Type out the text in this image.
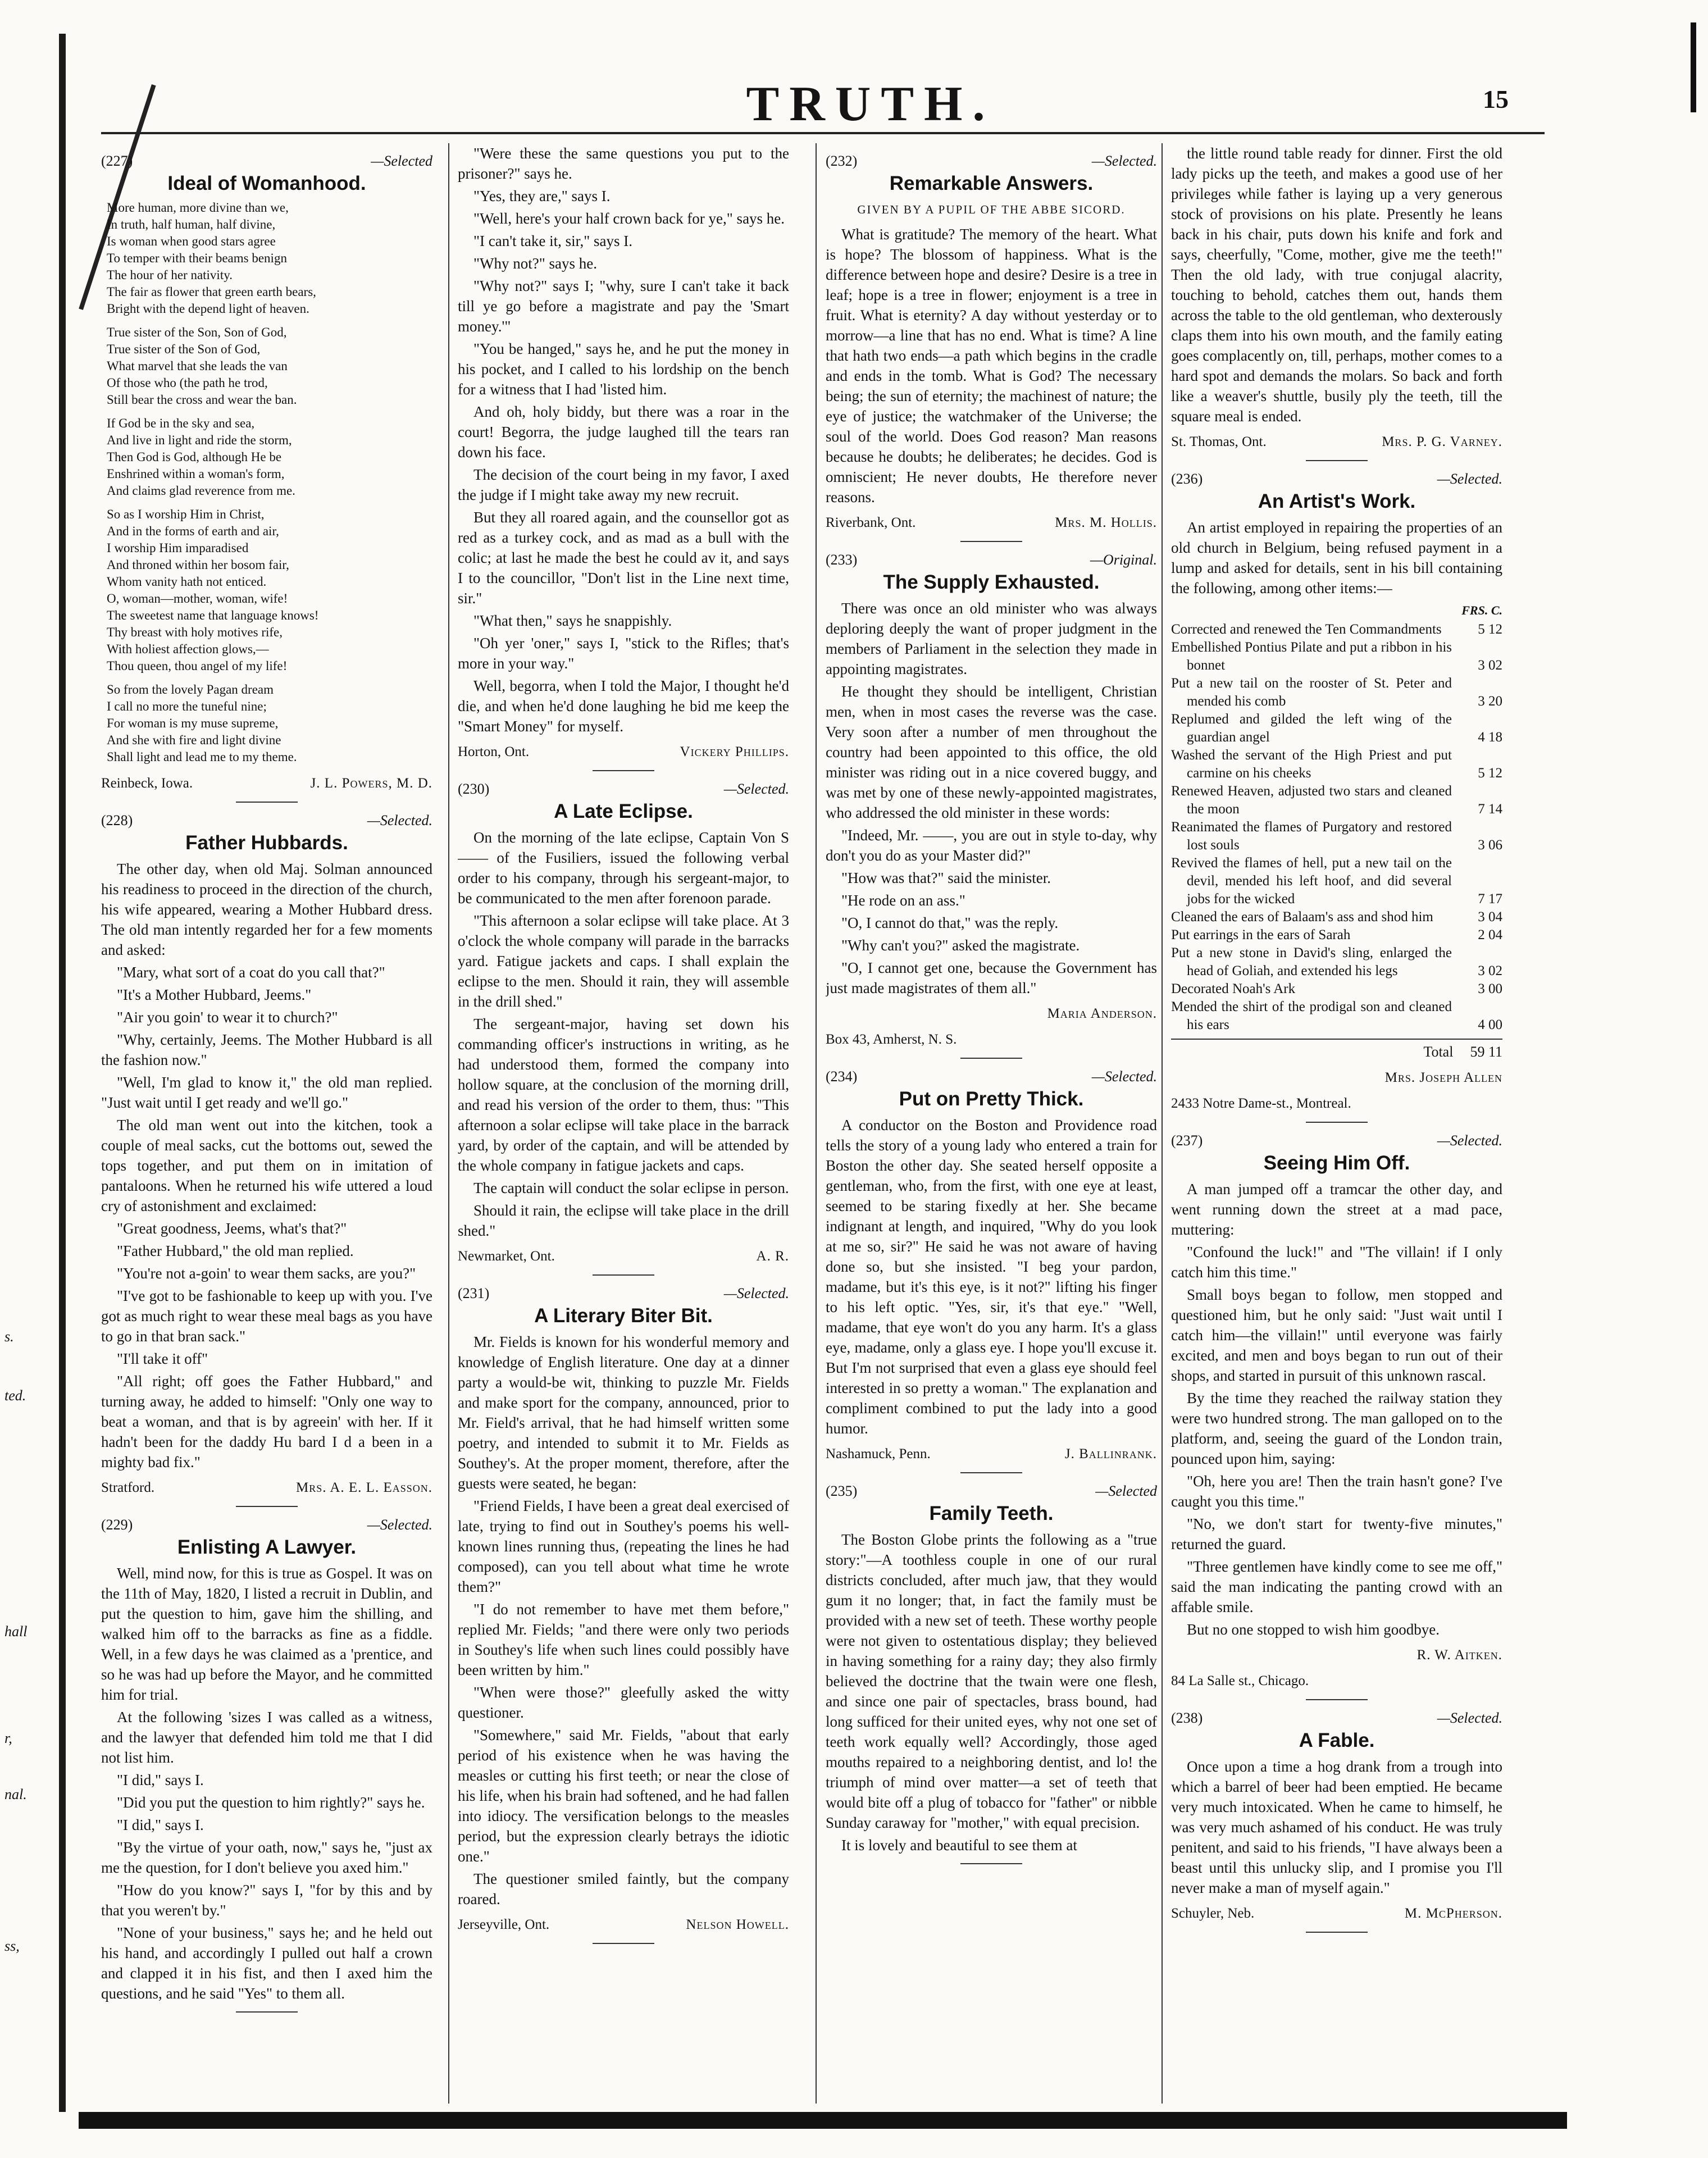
TRUTH.	15
s.
ted.
hall
r,
nal.
ss,
(227)	—Selected
Ideal of Womanhood.
More human, more divine than we,
In truth, half human, half divine,
Is woman when good stars agree
To temper with their beams benign
The hour of her nativity.
The fair as flower that green earth bears,
Bright with the depend light of heaven.
True sister of the Son, Son of God,
True sister of the Son of God,
What marvel that she leads the van
Of those who (the path he trod,
Still bear the cross and wear the ban.
If God be in the sky and sea,
And live in light and ride the storm,
Then God is God, although He be
Enshrined within a woman's form,
And claims glad reverence from me.
So as I worship Him in Christ,
And in the forms of earth and air,
I worship Him imparadised
And throned within her bosom fair,
Whom vanity hath not enticed.
O, woman—mother, woman, wife!
The sweetest name that language knows!
Thy breast with holy motives rife,
With holiest affection glows,—
Thou queen, thou angel of my life!
So from the lovely Pagan dream
I call no more the tuneful nine;
For woman is my muse supreme,
And she with fire and light divine
Shall light and lead me to my theme.
Reinbeck, Iowa.	J. L. Powers, M. D.
(228)	—Selected.
Father Hubbards.

The other day, when old Maj. Solman announced his readiness to proceed in the direction of the church, his wife appeared, wearing a Mother Hubbard dress. The old man intently regarded her for a few moments and asked:

"Mary, what sort of a coat do you call that?"

"It's a Mother Hubbard, Jeems."

"Air you goin' to wear it to church?"

"Why, certainly, Jeems. The Mother Hubbard is all the fashion now."

"Well, I'm glad to know it," the old man replied. "Just wait until I get ready and we'll go."

The old man went out into the kitchen, took a couple of meal sacks, cut the bottoms out, sewed the tops together, and put them on in imitation of pantaloons. When he returned his wife uttered a loud cry of astonishment and exclaimed:

"Great goodness, Jeems, what's that?"

"Father Hubbard," the old man replied.

"You're not a-goin' to wear them sacks, are you?"

"I've got to be fashionable to keep up with you. I've got as much right to wear these meal bags as you have to go in that bran sack."

"I'll take it off"

"All right; off goes the Father Hubbard," and turning away, he added to himself: "Only one way to beat a woman, and that is by agreein' with her. If it hadn't been for the daddy Hu bard I d a been in a mighty bad fix."

Stratford.	Mrs. A. E. L. Easson.
(229)	—Selected.
Enlisting A Lawyer.

Well, mind now, for this is true as Gospel. It was on the 11th of May, 1820, I listed a recruit in Dublin, and put the question to him, gave him the shilling, and walked him off to the barracks as fine as a fiddle. Well, in a few days he was claimed as a 'prentice, and so he was had up before the Mayor, and he committed him for trial.

At the following 'sizes I was called as a witness, and the lawyer that defended him told me that I did not list him.

"I did," says I.

"Did you put the question to him rightly?" says he.

"I did," says I.

"By the virtue of your oath, now," says he, "just ax me the question, for I don't believe you axed him."

"How do you know?" says I, "for by this and by that you weren't by."

"None of your business," says he; and he held out his hand, and accordingly I pulled out half a crown and clapped it in his fist, and then I axed him the questions, and he said "Yes" to them all.

"Were these the same questions you put to the prisoner?" says he.

"Yes, they are," says I.

"Well, here's your half crown back for ye," says he.

"I can't take it, sir," says I.

"Why not?" says he.

"Why not?" says I; "why, sure I can't take it back till ye go before a magistrate and pay the 'Smart money.'"

"You be hanged," says he, and he put the money in his pocket, and I called to his lordship on the bench for a witness that I had 'listed him.

And oh, holy biddy, but there was a roar in the court! Begorra, the judge laughed till the tears ran down his face.

The decision of the court being in my favor, I axed the judge if I might take away my new recruit.

But they all roared again, and the counsellor got as red as a turkey cock, and as mad as a bull with the colic; at last he made the best he could av it, and says I to the councillor, "Don't list in the Line next time, sir."

"What then," says he snappishly.

"Oh yer 'oner," says I, "stick to the Rifles; that's more in your way."

Well, begorra, when I told the Major, I thought he'd die, and when he'd done laughing he bid me keep the "Smart Money" for myself.

Horton, Ont.	Vickery Phillips.
(230)	—Selected.
A Late Eclipse.

On the morning of the late eclipse, Captain Von S—— of the Fusiliers, issued the following verbal order to his company, through his sergeant-major, to be communicated to the men after forenoon parade.

"This afternoon a solar eclipse will take place. At 3 o'clock the whole company will parade in the barracks yard. Fatigue jackets and caps. I shall explain the eclipse to the men. Should it rain, they will assemble in the drill shed."

The sergeant-major, having set down his commanding officer's instructions in writing, as he had understood them, formed the company into hollow square, at the conclusion of the morning drill, and read his version of the order to them, thus: "This afternoon a solar eclipse will take place in the barrack yard, by order of the captain, and will be attended by the whole company in fatigue jackets and caps.

The captain will conduct the solar eclipse in person.

Should it rain, the eclipse will take place in the drill shed."

Newmarket, Ont.	A. R.
(231)	—Selected.
A Literary Biter Bit.

Mr. Fields is known for his wonderful memory and knowledge of English literature. One day at a dinner party a would-be wit, thinking to puzzle Mr. Fields and make sport for the company, announced, prior to Mr. Field's arrival, that he had himself written some poetry, and intended to submit it to Mr. Fields as Southey's. At the proper moment, therefore, after the guests were seated, he began:

"Friend Fields, I have been a great deal exercised of late, trying to find out in Southey's poems his well-known lines running thus, (repeating the lines he had composed), can you tell about what time he wrote them?"

"I do not remember to have met them before," replied Mr. Fields; "and there were only two periods in Southey's life when such lines could possibly have been written by him."

"When were those?" gleefully asked the witty questioner.

"Somewhere," said Mr. Fields, "about that early period of his existence when he was having the measles or cutting his first teeth; or near the close of his life, when his brain had softened, and he had fallen into idiocy. The versification belongs to the measles period, but the expression clearly betrays the idiotic one."

The questioner smiled faintly, but the company roared.

Jerseyville, Ont.	Nelson Howell.
(232)	—Selected.
Remarkable Answers.
GIVEN BY A PUPIL OF THE ABBE SICORD.

What is gratitude? The memory of the heart. What is hope? The blossom of happiness. What is the difference between hope and desire? Desire is a tree in leaf; hope is a tree in flower; enjoyment is a tree in fruit. What is eternity? A day without yesterday or to morrow—a line that has no end. What is time? A line that hath two ends—a path which begins in the cradle and ends in the tomb. What is God? The necessary being; the sun of eternity; the machinest of nature; the eye of justice; the watchmaker of the Universe; the soul of the world. Does God reason? Man reasons because he doubts; he deliberates; he decides. God is omniscient; He never doubts, He therefore never reasons.

Riverbank, Ont.	Mrs. M. Hollis.
(233)	—Original.
The Supply Exhausted.

There was once an old minister who was always deploring deeply the want of proper judgment in the members of Parliament in the selection they made in appointing magistrates.

He thought they should be intelligent, Christian men, when in most cases the reverse was the case. Very soon after a number of men throughout the country had been appointed to this office, the old minister was riding out in a nice covered buggy, and was met by one of these newly-appointed magistrates, who addressed the old minister in these words:

"Indeed, Mr. ——, you are out in style to-day, why don't you do as your Master did?"

"How was that?" said the minister.

"He rode on an ass."

"O, I cannot do that," was the reply.

"Why can't you?" asked the magistrate.

"O, I cannot get one, because the Government has just made magistrates of them all."

Maria Anderson.
Box 43, Amherst, N. S.
(234)	—Selected.
Put on Pretty Thick.

A conductor on the Boston and Providence road tells the story of a young lady who entered a train for Boston the other day. She seated herself opposite a gentleman, who, from the first, with one eye at least, seemed to be staring fixedly at her. She became indignant at length, and inquired, "Why do you look at me so, sir?" He said he was not aware of having done so, but she insisted. "I beg your pardon, madame, but it's this eye, is it not?" lifting his finger to his left optic. "Yes, sir, it's that eye." "Well, madame, that eye won't do you any harm. It's a glass eye, madame, only a glass eye. I hope you'll excuse it. But I'm not surprised that even a glass eye should feel interested in so pretty a woman." The explanation and compliment combined to put the lady into a good humor.

Nashamuck, Penn.	J. Ballinrank.
(235)	—Selected
Family Teeth.

The Boston Globe prints the following as a "true story:"—A toothless couple in one of our rural districts concluded, after much jaw, that they would gum it no longer; that, in fact the family must be provided with a new set of teeth. These worthy people were not given to ostentatious display; they believed in having something for a rainy day; they also firmly believed the doctrine that the twain were one flesh, and since one pair of spectacles, brass bound, had long sufficed for their united eyes, why not one set of teeth work equally well? Accordingly, those aged mouths repaired to a neighboring dentist, and lo! the triumph of mind over matter—a set of teeth that would bite off a plug of tobacco for "father" or nibble Sunday caraway for "mother," with equal precision.

It is lovely and beautiful to see them at

the little round table ready for dinner. First the old lady picks up the teeth, and makes a good use of her privileges while father is laying up a very generous stock of provisions on his plate. Presently he leans back in his chair, puts down his knife and fork and says, cheerfully, "Come, mother, give me the teeth!" Then the old lady, with true conjugal alacrity, touching to behold, catches them out, hands them across the table to the old gentleman, who dexterously claps them into his own mouth, and the family eating goes complacently on, till, perhaps, mother comes to a hard spot and demands the molars. So back and forth like a weaver's shuttle, busily ply the teeth, till the square meal is ended.

St. Thomas, Ont.	Mrs. P. G. Varney.
(236)	—Selected.
An Artist's Work.

An artist employed in repairing the properties of an old church in Belgium, being refused payment in a lump and asked for details, sent in his bill containing the following, among other items:—

FRS. C.
Corrected and renewed the Ten Commandments	5 12
Embellished Pontius Pilate and put a ribbon in his bonnet	3 02
Put a new tail on the rooster of St. Peter and mended his comb	3 20
Replumed and gilded the left wing of the guardian angel	4 18
Washed the servant of the High Priest and put carmine on his cheeks	5 12
Renewed Heaven, adjusted two stars and cleaned the moon	7 14
Reanimated the flames of Purgatory and restored lost souls	3 06
Revived the flames of hell, put a new tail on the devil, mended his left hoof, and did several jobs for the wicked	7 17
Cleaned the ears of Balaam's ass and shod him	3 04
Put earrings in the ears of Sarah	2 04
Put a new stone in David's sling, enlarged the head of Goliah, and extended his legs	3 02
Decorated Noah's Ark	3 00
Mended the shirt of the prodigal son and cleaned his ears	4 00
Total 59 11
Mrs. Joseph Allen
2433 Notre Dame-st., Montreal.
(237)	—Selected.
Seeing Him Off.

A man jumped off a tramcar the other day, and went running down the street at a mad pace, muttering:

"Confound the luck!" and "The villain! if I only catch him this time."

Small boys began to follow, men stopped and questioned him, but he only said: "Just wait until I catch him—the villain!" until everyone was fairly excited, and men and boys began to run out of their shops, and started in pursuit of this unknown rascal.

By the time they reached the railway station they were two hundred strong. The man galloped on to the platform, and, seeing the guard of the London train, pounced upon him, saying:

"Oh, here you are! Then the train hasn't gone? I've caught you this time."

"No, we don't start for twenty-five minutes," returned the guard.

"Three gentlemen have kindly come to see me off," said the man indicating the panting crowd with an affable smile.

But no one stopped to wish him goodbye.

R. W. Aitken.
84 La Salle st., Chicago.
(238)	—Selected.
A Fable.

Once upon a time a hog drank from a trough into which a barrel of beer had been emptied. He became very much intoxicated. When he came to himself, he was very much ashamed of his conduct. He was truly penitent, and said to his friends, "I have always been a beast until this unlucky slip, and I promise you I'll never make a man of myself again."

Schuyler, Neb.	M. McPherson.
